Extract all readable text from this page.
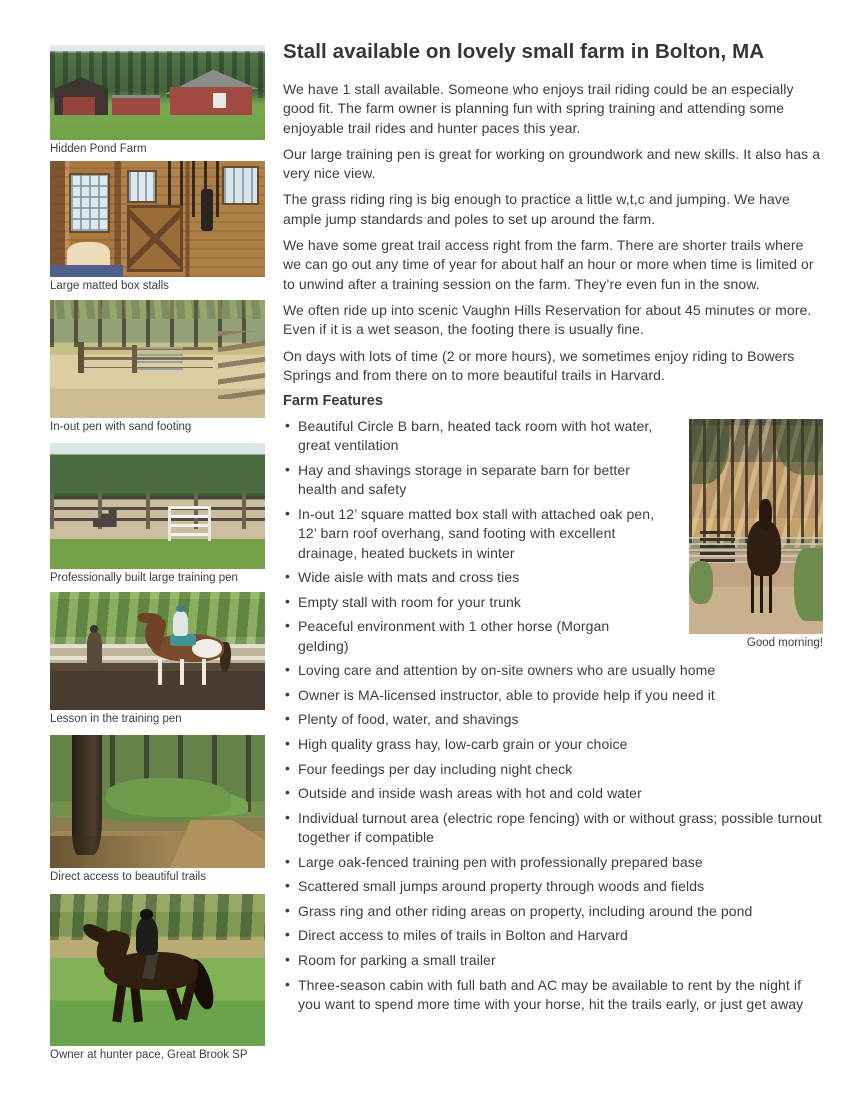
Hidden Pond Farm
Large matted box stalls
In-out pen with sand footing
Professionally built large training pen
Lesson in the training pen
Direct access to beautiful trails
Owner at hunter pace, Great Brook SP
Stall available on lovely small farm in Bolton, MA

We have 1 stall available. Someone who enjoys trail riding could be an especially good fit. The farm owner is planning fun with spring training and attending some enjoyable trail rides and hunter paces this year.

Our large training pen is great for working on groundwork and new skills. It also has a very nice view.

The grass riding ring is big enough to practice a little w,t,c and jumping. We have ample jump standards and poles to set up around the farm.

We have some great trail access right from the farm. There are shorter trails where we can go out any time of year for about half an hour or more when time is limited or to unwind after a training session on the farm. They’re even fun in the snow.

We often ride up into scenic Vaughn Hills Reservation for about 45 minutes or more. Even if it is a wet season, the footing there is usually fine.

On days with lots of time (2 or more hours), we sometimes enjoy riding to Bowers Springs and from there on to more beautiful trails in Harvard.

Farm Features
Good morning!
• Beautiful Circle B barn, heated tack room with hot water, great ventilation
• Hay and shavings storage in separate barn for better health and safety
• In-out 12’ square matted box stall with attached oak pen, 12’ barn roof overhang, sand footing with excellent drainage, heated buckets in winter
• Wide aisle with mats and cross ties
• Empty stall with room for your trunk
• Peaceful environment with 1 other horse (Morgan gelding)
• Loving care and attention by on-site owners who are usually home
• Owner is MA-licensed instructor, able to provide help if you need it
• Plenty of food, water, and shavings
• High quality grass hay, low-carb grain or your choice
• Four feedings per day including night check
• Outside and inside wash areas with hot and cold water
• Individual turnout area (electric rope fencing) with or without grass; possible turnout together if compatible
• Large oak-fenced training pen with professionally prepared base
• Scattered small jumps around property through woods and fields
• Grass ring and other riding areas on property, including around the pond
• Direct access to miles of trails in Bolton and Harvard
• Room for parking a small trailer
• Three-season cabin with full bath and AC may be available to rent by the night if you want to spend more time with your horse, hit the trails early, or just get away
